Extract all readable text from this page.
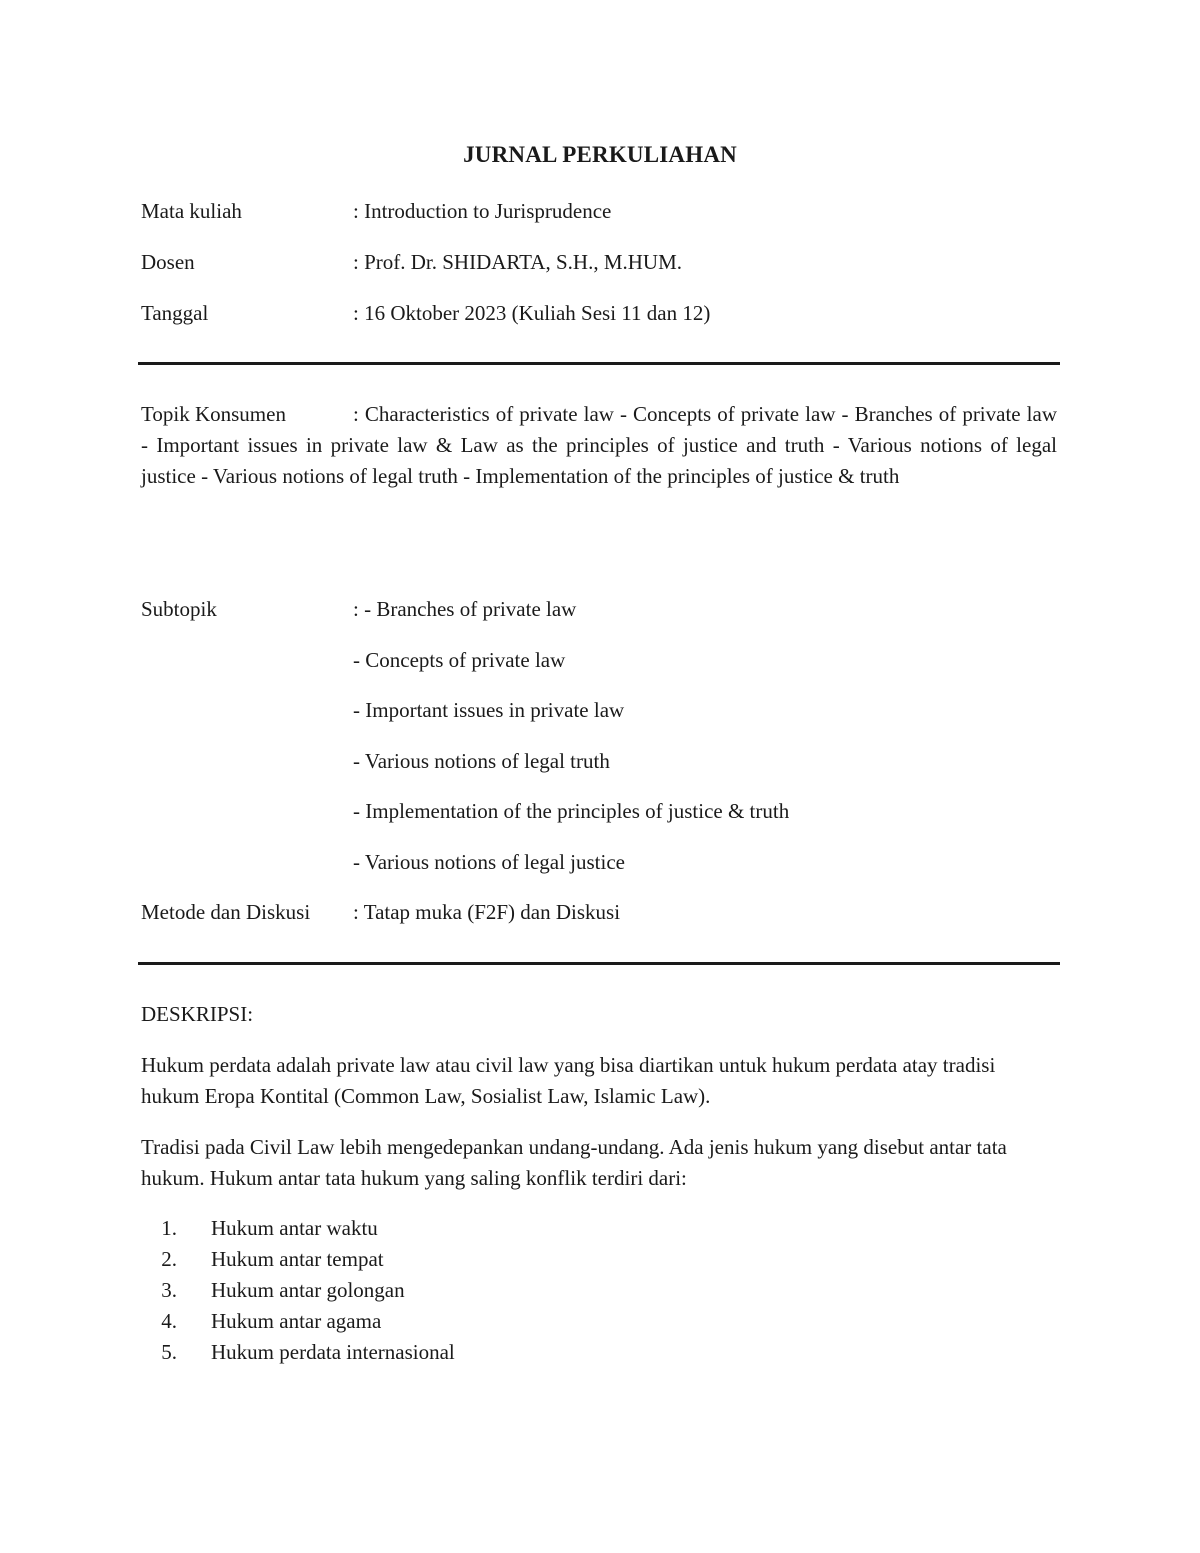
JURNAL PERKULIAHAN
Mata kuliah	: Introduction to Jurisprudence
Dosen	: Prof. Dr. SHIDARTA, S.H., M.HUM.
Tanggal	: 16 Oktober 2023 (Kuliah Sesi 11 dan 12)
Topik Konsumen	: Characteristics of private law - Concepts of private law - Branches of private law - Important issues in private law & Law as the principles of justice and truth - Various notions of legal justice - Various notions of legal truth - Implementation of the principles of justice & truth
Subtopik	: - Branches of private law
- Concepts of private law
- Important issues in private law
- Various notions of legal truth
- Implementation of the principles of justice & truth
- Various notions of legal justice
Metode dan Diskusi : Tatap muka (F2F) dan Diskusi
DESKRIPSI:
Hukum perdata adalah private law atau civil law yang bisa diartikan untuk hukum perdata atay tradisi hukum Eropa Kontital (Common Law, Sosialist Law, Islamic Law).
Tradisi pada Civil Law lebih mengedepankan undang-undang. Ada jenis hukum yang disebut antar tata hukum. Hukum antar tata hukum yang saling konflik terdiri dari:
1. Hukum antar waktu
2. Hukum antar tempat
3. Hukum antar golongan
4. Hukum antar agama
5. Hukum perdata internasional
